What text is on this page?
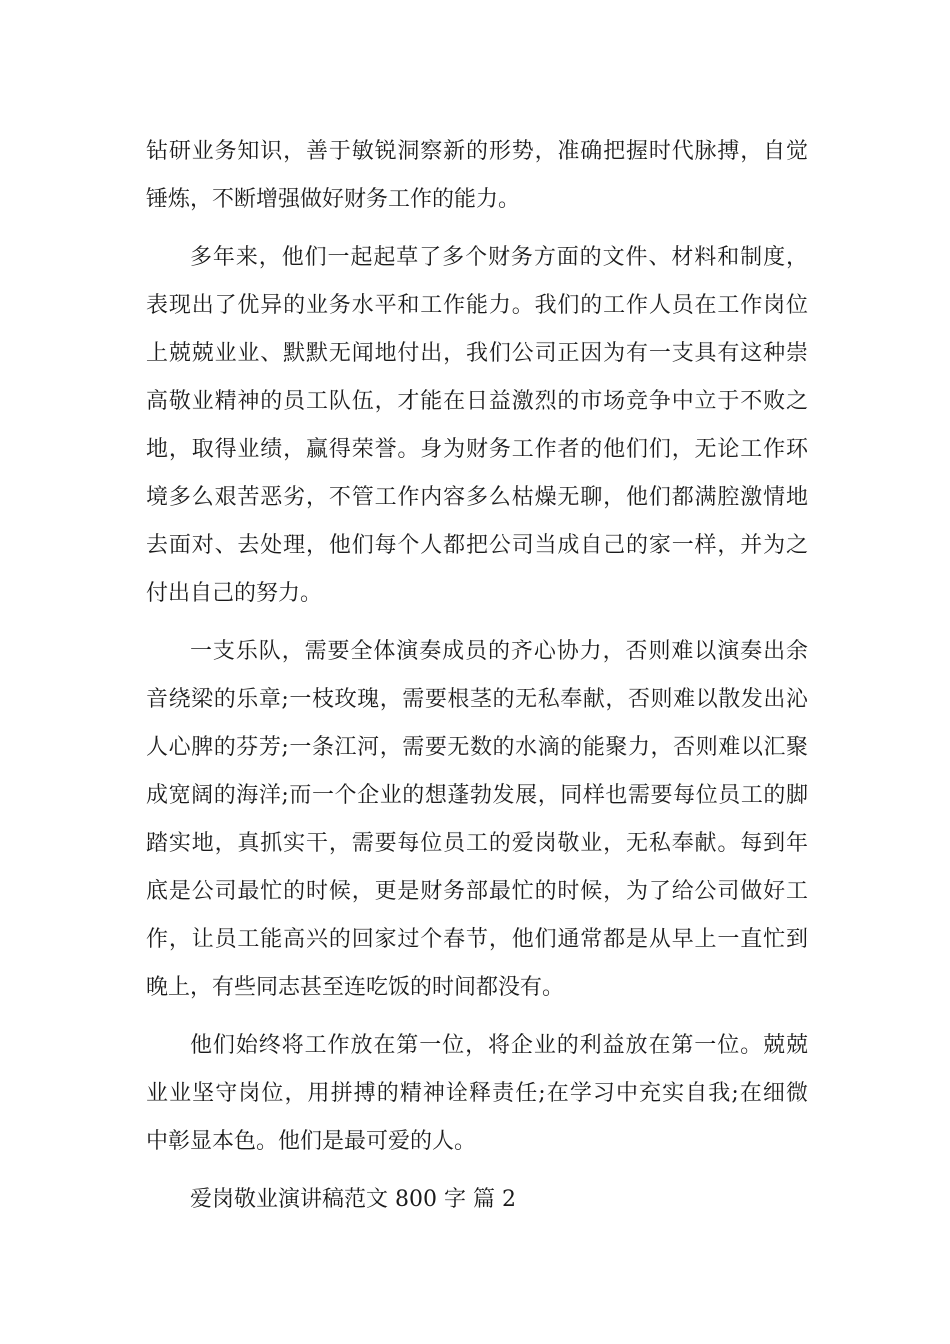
钻研业务知识，善于敏锐洞察新的形势，准确把握时代脉搏，自觉
锤炼，不断增强做好财务工作的能力。
多年来，他们一起起草了多个财务方面的文件、材料和制度，
表现出了优异的业务水平和工作能力。我们的工作人员在工作岗位
上兢兢业业、默默无闻地付出，我们公司正因为有一支具有这种崇
高敬业精神的员工队伍，才能在日益激烈的市场竞争中立于不败之
地，取得业绩，赢得荣誉。身为财务工作者的他们们，无论工作环
境多么艰苦恶劣，不管工作内容多么枯燥无聊，他们都满腔激情地
去面对、去处理，他们每个人都把公司当成自己的家一样，并为之
付出自己的努力。
一支乐队，需要全体演奏成员的齐心协力，否则难以演奏出余
音绕梁的乐章;一枝玫瑰，需要根茎的无私奉献，否则难以散发出沁
人心脾的芬芳;一条江河，需要无数的水滴的能聚力，否则难以汇聚
成宽阔的海洋;而一个企业的想蓬勃发展，同样也需要每位员工的脚
踏实地，真抓实干，需要每位员工的爱岗敬业，无私奉献。每到年
底是公司最忙的时候，更是财务部最忙的时候，为了给公司做好工
作，让员工能高兴的回家过个春节，他们通常都是从早上一直忙到
晚上，有些同志甚至连吃饭的时间都没有。
他们始终将工作放在第一位，将企业的利益放在第一位。兢兢
业业坚守岗位，用拼搏的精神诠释责任;在学习中充实自我;在细微
中彰显本色。他们是最可爱的人。
爱岗敬业演讲稿范文 800 字 篇 2
